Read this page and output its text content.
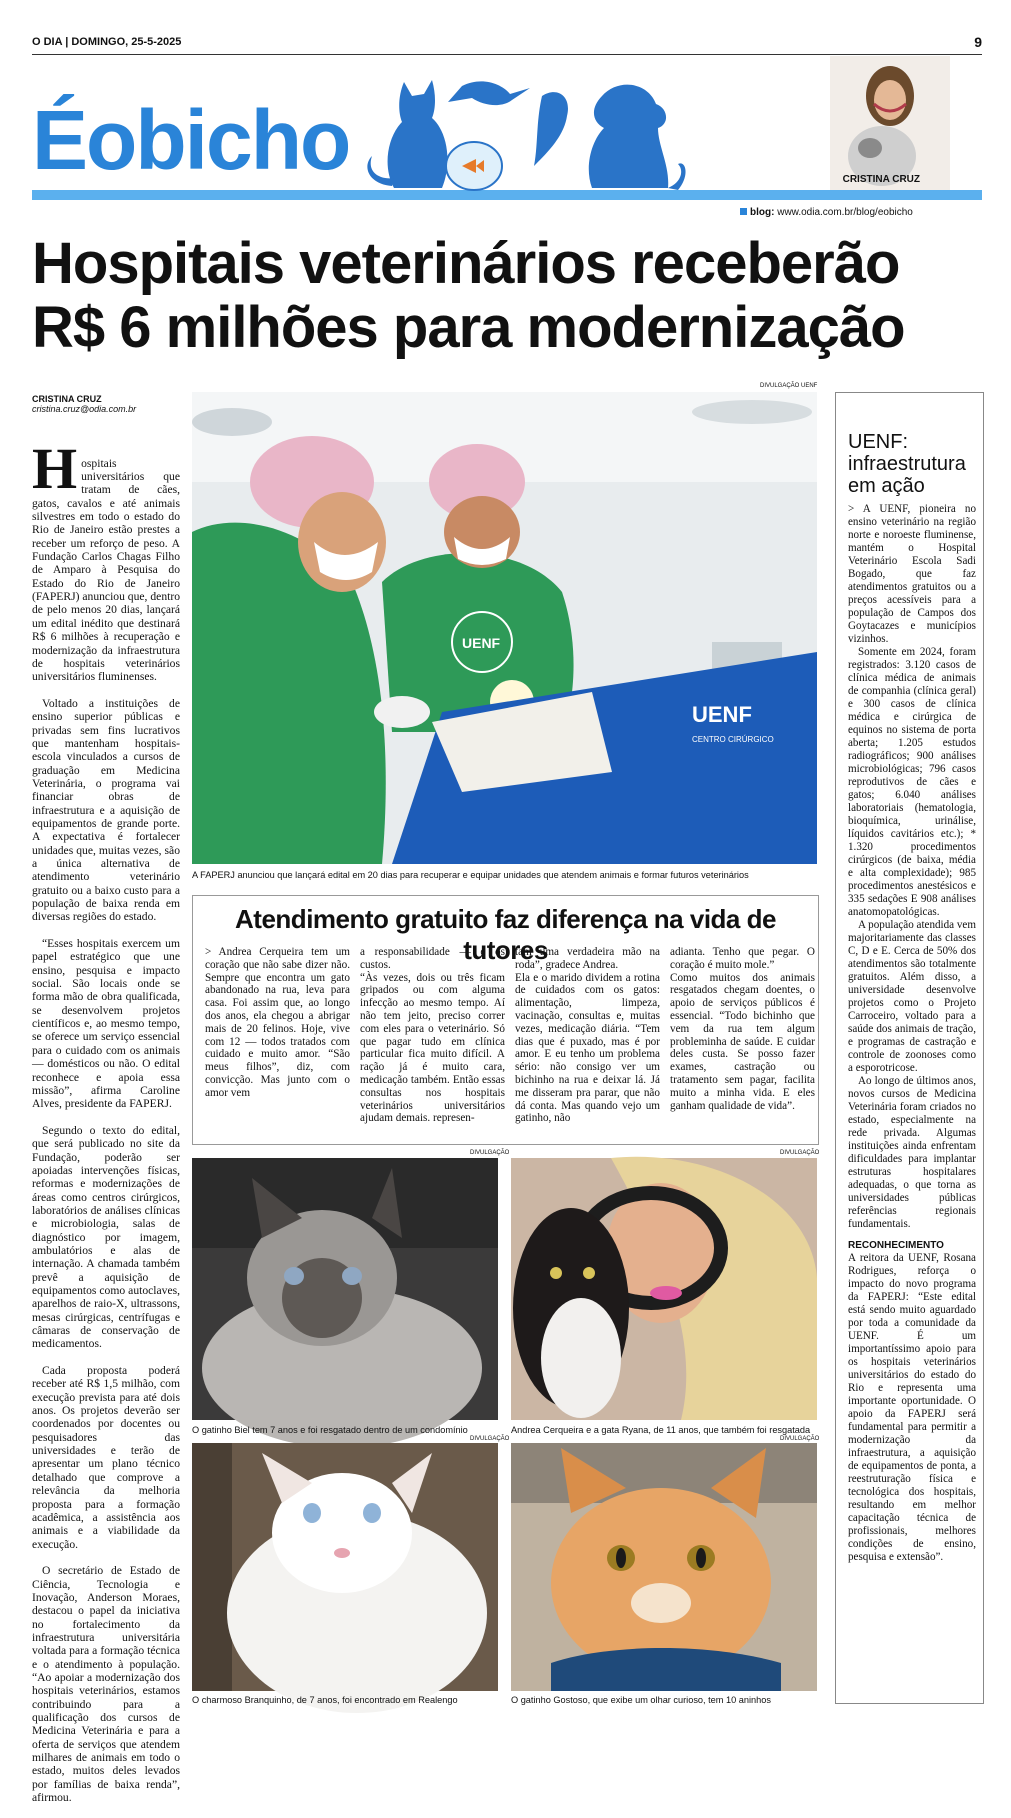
O DIA | DOMINGO, 25-5-2025	9
Éobicho	CRISTINA CRUZ
blog: www.odia.com.br/blog/eobicho
Hospitais veterinários receberão R$ 6 milhões para modernização
CRISTINA CRUZ
cristina.cruz@odia.com.br

H ospitais universitários que tratam de cães, gatos, cavalos e até animais silvestres em todo o estado do Rio de Janeiro estão prestes a receber um reforço de peso. A Fundação Carlos Chagas Filho de Amparo à Pesquisa do Estado do Rio de Janeiro (FAPERJ) anunciou que, dentro de pelo menos 20 dias, lançará um edital inédito que destinará R$ 6 milhões à recuperação e modernização da infraestrutura de hospitais veterinários universitários fluminenses.

Voltado a instituições de ensino superior públicas e privadas sem fins lucrativos que mantenham hospitais-escola vinculados a cursos de graduação em Medicina Veterinária, o programa vai financiar obras de infraestrutura e a aquisição de equipamentos de grande porte. A expectativa é fortalecer unidades que, muitas vezes, são a única alternativa de atendimento veterinário gratuito ou a baixo custo para a população de baixa renda em diversas regiões do estado.

“Esses hospitais exercem um papel estratégico que une ensino, pesquisa e impacto social. São locais onde se forma mão de obra qualificada, se desenvolvem projetos científicos e, ao mesmo tempo, se oferece um serviço essencial para o cuidado com os animais — domésticos ou não. O edital reconhece e apoia essa missão”, afirma Caroline Alves, presidente da FAPERJ.

Segundo o texto do edital, que será publicado no site da Fundação, poderão ser apoiadas intervenções físicas, reformas e modernizações de áreas como centros cirúrgicos, laboratórios de análises clínicas e microbiologia, salas de diagnóstico por imagem, ambulatórios e alas de internação. A chamada também prevê a aquisição de equipamentos como autoclaves, aparelhos de raio-X, ultrassons, mesas cirúrgicas, centrífugas e câmaras de conservação de medicamentos.

Cada proposta poderá receber até R$ 1,5 milhão, com execução prevista para até dois anos. Os projetos deverão ser coordenados por docentes ou pesquisadores das universidades e terão de apresentar um plano técnico detalhado que comprove a relevância da melhoria proposta para a formação acadêmica, a assistência aos animais e a viabilidade da execução.

O secretário de Estado de Ciência, Tecnologia e Inovação, Anderson Moraes, destacou o papel da iniciativa no fortalecimento da infraestrutura universitária voltada para a formação técnica e o atendimento à população. “Ao apoiar a modernização dos hospitais veterinários, estamos contribuindo para a qualificação dos cursos de Medicina Veterinária e para a oferta de serviços que atendem milhares de animais em todo o estado, muitos deles levados por famílias de baixa renda”, afirmou.

DIVULGAÇÃO UENF
UENF
UENF
CENTRO CIRÚRGICO
A FAPERJ anunciou que lançará edital em 20 dias para recuperar e equipar unidades que atendem animais e formar futuros veterinários
Atendimento gratuito faz diferença na vida de tutores
> Andrea Cerqueira tem um coração que não sabe dizer não. Sempre que encontra um gato abandonado na rua, leva para casa. Foi assim que, ao longo dos anos, ela chegou a abrigar mais de 20 felinos. Hoje, vive com 12 — todos tratados com cuidado e muito amor. “São meus filhos”, diz, com convicção. Mas junto com o amor vem
a responsabilidade — e os custos.
“Às vezes, dois ou três ficam gripados ou com alguma infecção ao mesmo tempo. Aí não tem jeito, preciso correr com eles para o veterinário. Só que pagar tudo em clínica particular fica muito difícil. A ração já é muito cara, medicação também. Então essas consultas nos hospitais veterinários universitários ajudam demais. represen-
tam uma verdadeira mão na roda”, gradece Andrea.
Ela e o marido dividem a rotina de cuidados com os gatos: alimentação, limpeza, vacinação, consultas e, muitas vezes, medicação diária. “Tem dias que é puxado, mas é por amor. E eu tenho um problema sério: não consigo ver um bichinho na rua e deixar lá. Já me disseram pra parar, que não dá conta. Mas quando vejo um gatinho, não
adianta. Tenho que pegar. O coração é muito mole.”
Como muitos dos animais resgatados chegam doentes, o apoio de serviços públicos é essencial. “Todo bichinho que vem da rua tem algum probleminha de saúde. E cuidar deles custa. Se posso fazer exames, castração ou tratamento sem pagar, facilita muito a minha vida. E eles ganham qualidade de vida”.
DIVULGAÇÃO
O gatinho Biel tem 7 anos e foi resgatado dentro de um condomínio
DIVULGAÇÃO
Andrea Cerqueira e a gata Ryana, de 11 anos, que também foi resgatada
DIVULGAÇÃO
O charmoso Branquinho, de 7 anos, foi encontrado em Realengo
DIVULGAÇÃO
O gatinho Gostoso, que exibe um olhar curioso, tem 10 aninhos
UENF: infraestrutura em ação
> A UENF, pioneira no ensino veterinário na região norte e noroeste fluminense, mantém o Hospital Veterinário Escola Sadi Bogado, que faz atendimentos gratuitos ou a preços acessíveis para a população de Campos dos Goytacazes e municípios vizinhos.
Somente em 2024, foram registrados: 3.120 casos de clínica médica de animais de companhia (clínica geral) e 300 casos de clínica médica e cirúrgica de equinos no sistema de porta aberta; 1.205 estudos radiográficos; 900 análises microbiológicas; 796 casos reprodutivos de cães e gatos; 6.040 análises laboratoriais (hematologia, bioquímica, urinálise, líquidos cavitários etc.); * 1.320 procedimentos cirúrgicos (de baixa, média e alta complexidade); 985 procedimentos anestésicos e 335 sedações E 908 análises anatomopatológicas.
A população atendida vem majoritariamente das classes C, D e E. Cerca de 50% dos atendimentos são totalmente gratuitos. Além disso, a universidade desenvolve projetos como o Projeto Carroceiro, voltado para a saúde dos animais de tração, e programas de castração e controle de zoonoses como a esporotricose.
Ao longo de últimos anos, novos cursos de Medicina Veterinária foram criados no estado, especialmente na rede privada. Algumas instituições ainda enfrentam dificuldades para implantar estruturas hospitalares adequadas, o que torna as universidades públicas referências regionais fundamentais.
RECONHECIMENTO
A reitora da UENF, Rosana Rodrigues, reforça o impacto do novo programa da FAPERJ: “Este edital está sendo muito aguardado por toda a comunidade da UENF. É um importantíssimo apoio para os hospitais veterinários universitários do estado do Rio e representa uma importante oportunidade. O apoio da FAPERJ será fundamental para permitir a modernização da infraestrutura, a aquisição de equipamentos de ponta, a reestruturação física e tecnológica dos hospitais, resultando em melhor capacitação técnica de profissionais, melhores condições de ensino, pesquisa e extensão”.
